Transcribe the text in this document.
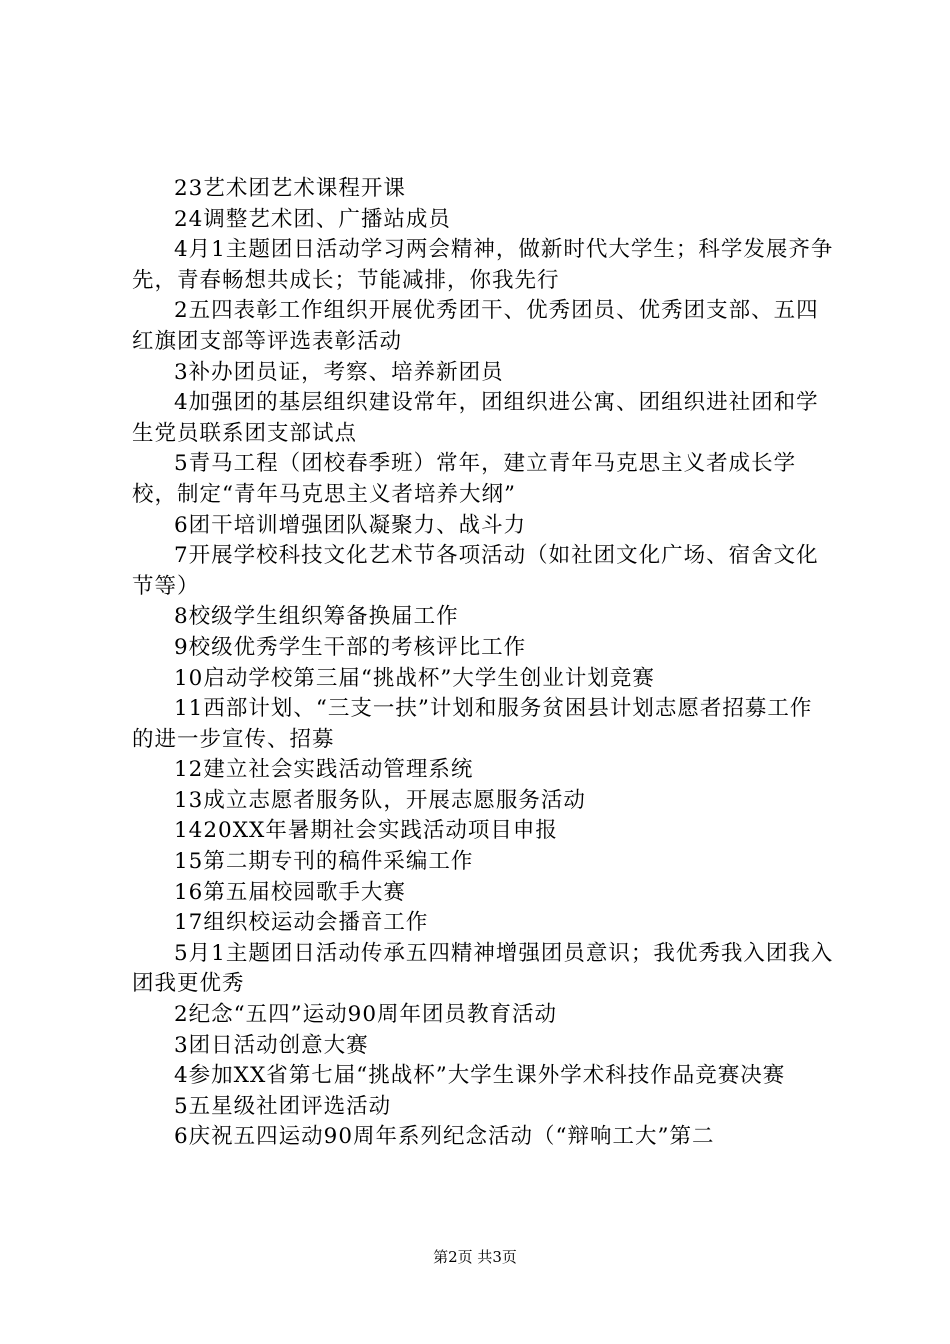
23艺术团艺术课程开课

24调整艺术团、广播站成员

4月1主题团日活动学习两会精神，做新时代大学生；科学发展齐争先，青春畅想共成长；节能减排，你我先行

2五四表彰工作组织开展优秀团干、优秀团员、优秀团支部、五四红旗团支部等评选表彰活动

3补办团员证，考察、培养新团员

4加强团的基层组织建设常年，团组织进公寓、团组织进社团和学生党员联系团支部试点

5青马工程（团校春季班）常年，建立青年马克思主义者成长学校，制定“青年马克思主义者培养大纲”

6团干培训增强团队凝聚力、战斗力

7开展学校科技文化艺术节各项活动（如社团文化广场、宿舍文化节等）

8校级学生组织筹备换届工作

9校级优秀学生干部的考核评比工作

10启动学校第三届“挑战杯”大学生创业计划竞赛

11西部计划、“三支一扶”计划和服务贫困县计划志愿者招募工作的进一步宣传、招募

12建立社会实践活动管理系统

13成立志愿者服务队，开展志愿服务活动

1420XX年暑期社会实践活动项目申报

15第二期专刊的稿件采编工作

16第五届校园歌手大赛

17组织校运动会播音工作

5月1主题团日活动传承五四精神增强团员意识；我优秀我入团我入团我更优秀

2纪念“五四”运动90周年团员教育活动

3团日活动创意大赛

4参加XX省第七届“挑战杯”大学生课外学术科技作品竞赛决赛

5五星级社团评选活动

6庆祝五四运动90周年系列纪念活动（“辩响工大”第二

第2页 共3页
